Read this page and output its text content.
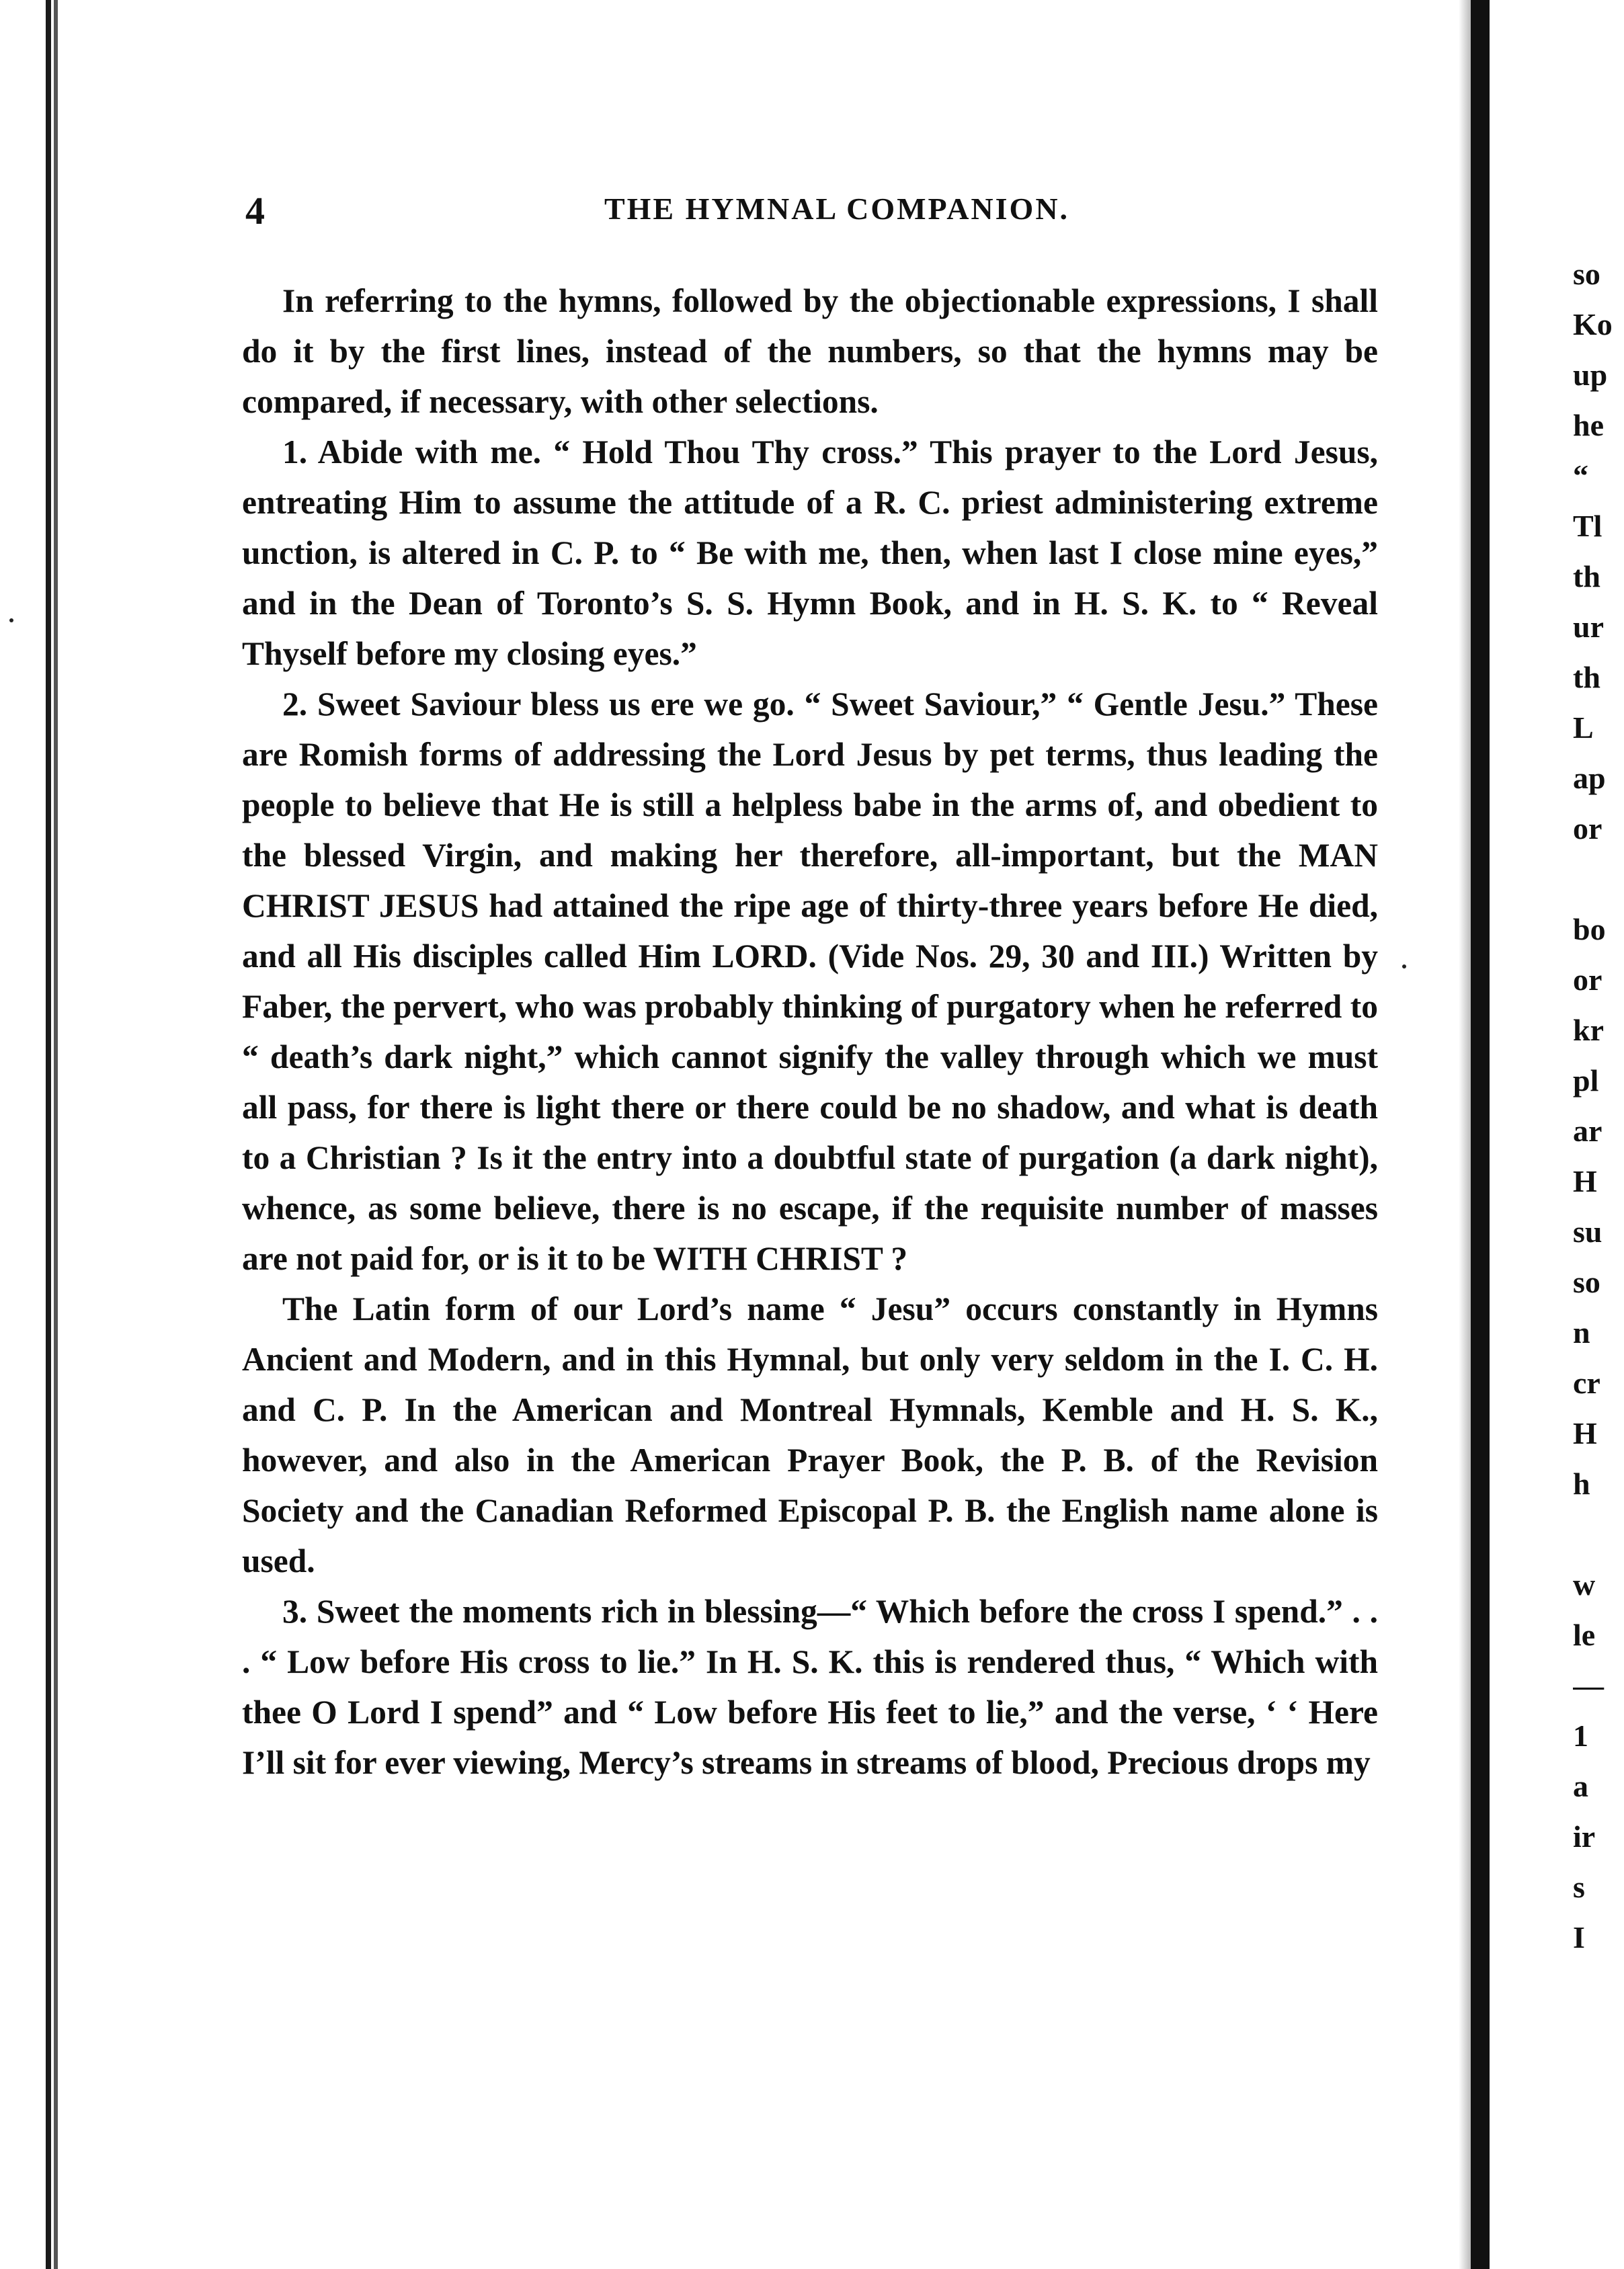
4	THE HYMNAL COMPANION.

In referring to the hymns, followed by the objectionable expressions, I shall do it by the first lines, instead of the numbers, so that the hymns may be compared, if necessary, with other selections.

1. Abide with me. “ Hold Thou Thy cross.” This prayer to the Lord Jesus, entreating Him to assume the attitude of a R. C. priest administering extreme unction, is altered in C. P. to “ Be with me, then, when last I close mine eyes,” and in the Dean of Toronto’s S. S. Hymn Book, and in H. S. K. to “ Reveal Thyself before my closing eyes.”

2. Sweet Saviour bless us ere we go. “ Sweet Saviour,” “ Gentle Jesu.” These are Romish forms of addressing the Lord Jesus by pet terms, thus leading the people to believe that He is still a helpless babe in the arms of, and obedient to the blessed Virgin, and making her therefore, all-important, but the MAN CHRIST JESUS had attained the ripe age of thirty-three years before He died, and all His disciples called Him LORD. (Vide Nos. 29, 30 and III.) Written by Faber, the pervert, who was probably thinking of purgatory when he referred to “ death’s dark night,” which cannot signify the valley through which we must all pass, for there is light there or there could be no shadow, and what is death to a Christian ? Is it the entry into a doubtful state of purgation (a dark night), whence, as some believe, there is no escape, if the requisite number of masses are not paid for, or is it to be WITH CHRIST ?

The Latin form of our Lord’s name “ Jesu” occurs constantly in Hymns Ancient and Modern, and in this Hymnal, but only very seldom in the I. C. H. and C. P. In the American and Montreal Hymnals, Kemble and H. S. K., however, and also in the American Prayer Book, the P. B. of the Revision Society and the Canadian Reformed Episcopal P. B. the English name alone is used.

3. Sweet the moments rich in blessing—“ Which before the cross I spend.” . . . “ Low before His cross to lie.” In H. S. K. this is rendered thus, “ Which with thee O Lord I spend” and “ Low before His feet to lie,” and the verse, ‘ ‘ Here I’ll sit for ever viewing, Mercy’s streams in streams of blood, Precious drops my

so
Ko
up
he
“
Tl
th
ur
th
L
ap
or
bo
or
kr
pl
ar
H
su
so
n
cr
H
h
w
le
—
1
a
ir
s
I
